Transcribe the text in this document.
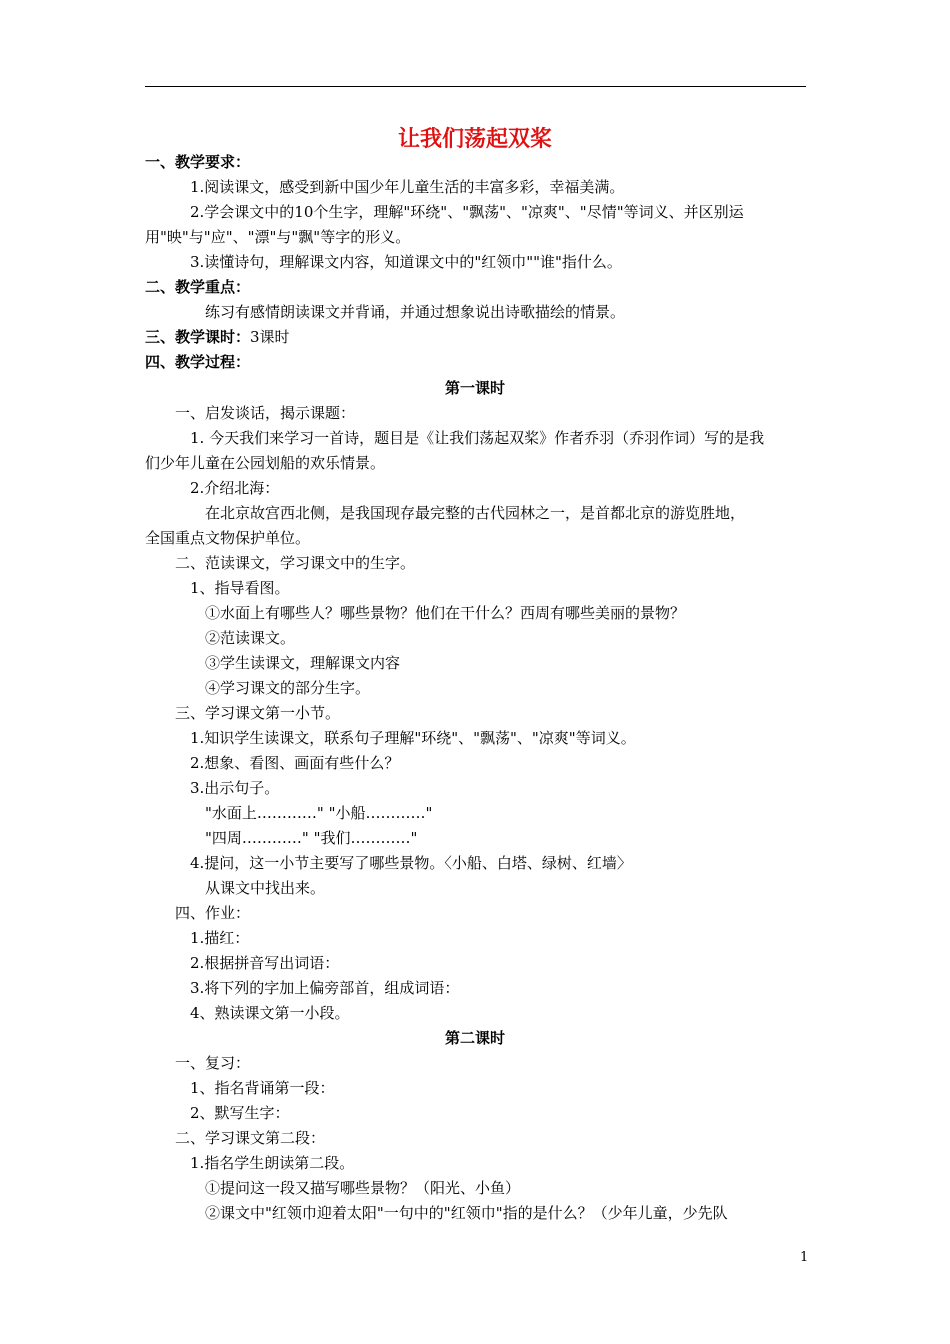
让我们荡起双桨
一、教学要求：
1.阅读课文，感受到新中国少年儿童生活的丰富多彩，幸福美满。
2.学会课文中的10个生字，理解"环绕"、"飘荡"、"凉爽"、"尽情"等词义、并区别运
用"映"与"应"、"漂"与"飘"等字的形义。
3.读懂诗句，理解课文内容，知道课文中的"红领巾""谁"指什么。
二、教学重点：
练习有感情朗读课文并背诵，并通过想象说出诗歌描绘的情景。
三、教学课时：3课时
四、教学过程：
第一课时
一、启发谈话，揭示课题：
1. 今天我们来学习一首诗，题目是《让我们荡起双桨》作者乔羽（乔羽作词）写的是我
们少年儿童在公园划船的欢乐情景。
2.介绍北海：
在北京故宫西北侧，是我国现存最完整的古代园林之一，是首都北京的游览胜地，
全国重点文物保护单位。
二、范读课文，学习课文中的生字。
1、指导看图。
①水面上有哪些人？哪些景物？他们在干什么？西周有哪些美丽的景物？
②范读课文。
③学生读课文，理解课文内容
④学习课文的部分生字。
三、学习课文第一小节。
1.知识学生读课文，联系句子理解"环绕"、"飘荡"、"凉爽"等词义。
2.想象、看图、画面有些什么？
3.出示句子。
"水面上…………" "小船…………"
"四周…………" "我们…………"
4.提问，这一小节主要写了哪些景物。〈小船、白塔、绿树、红墙〉
从课文中找出来。
四、作业：
1.描红：
2.根据拼音写出词语：
3.将下列的字加上偏旁部首，组成词语：
4、熟读课文第一小段。
第二课时
一、复习：
1、指名背诵第一段：
2、默写生字：
二、学习课文第二段：
1.指名学生朗读第二段。
①提问这一段又描写哪些景物？（阳光、小鱼）
②课文中"红领巾迎着太阳"一句中的"红领巾"指的是什么？（少年儿童，少先队
1
